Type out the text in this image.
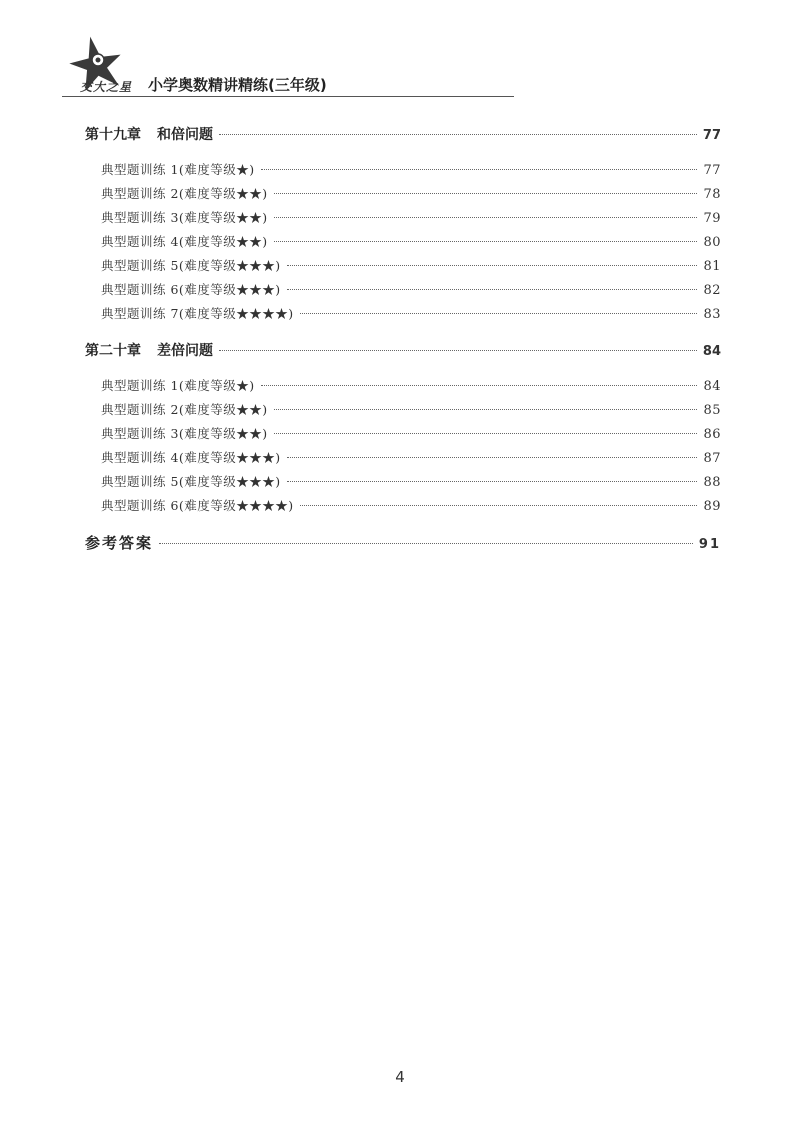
交大之星 小学奥数精讲精练(三年级)
第十九章 和倍问题	77
典型题训练 1(难度等级★)	77
典型题训练 2(难度等级★★)	78
典型题训练 3(难度等级★★)	79
典型题训练 4(难度等级★★)	80
典型题训练 5(难度等级★★★)	81
典型题训练 6(难度等级★★★)	82
典型题训练 7(难度等级★★★★)	83
第二十章 差倍问题	84
典型题训练 1(难度等级★)	84
典型题训练 2(难度等级★★)	85
典型题训练 3(难度等级★★)	86
典型题训练 4(难度等级★★★)	87
典型题训练 5(难度等级★★★)	88
典型题训练 6(难度等级★★★★)	89
参考答案	91
4
